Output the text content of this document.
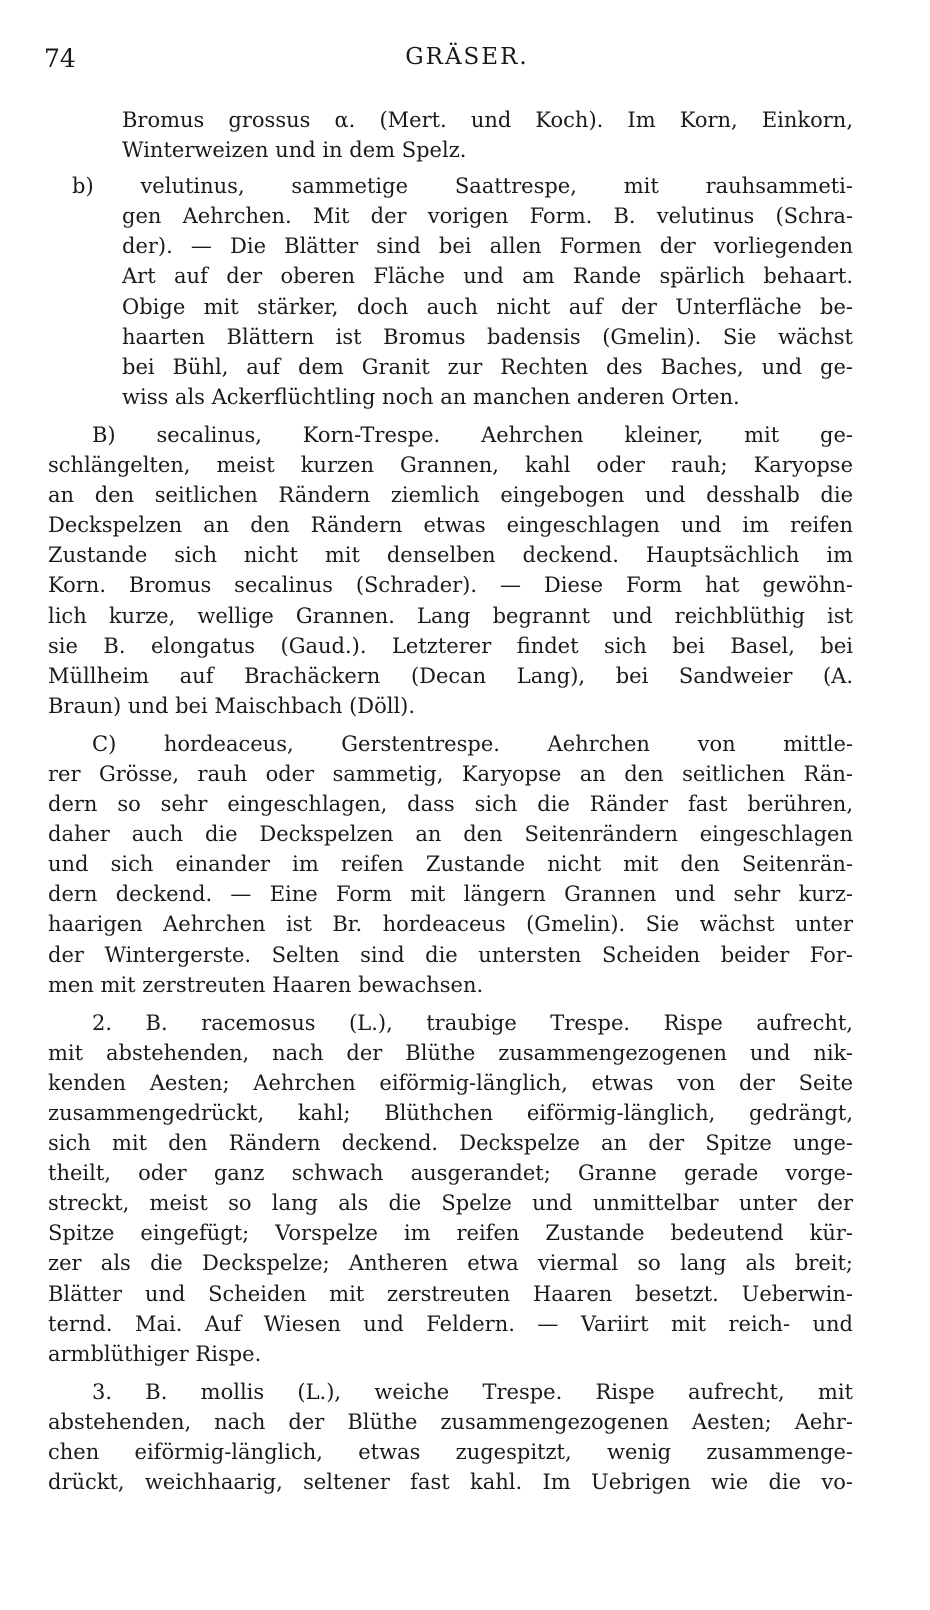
74	GRÄSER.
Bromus grossus α. (Mert. und Koch). Im Korn, Einkorn,
Winterweizen und in dem Spelz.
b) velutinus, sammetige Saattrespe, mit rauhsammeti-
gen Aehrchen. Mit der vorigen Form. B. velutinus (Schra-
der). — Die Blätter sind bei allen Formen der vorliegenden
Art auf der oberen Fläche und am Rande spärlich behaart.
Obige mit stärker, doch auch nicht auf der Unterfläche be-
haarten Blättern ist Bromus badensis (Gmelin). Sie wächst
bei Bühl, auf dem Granit zur Rechten des Baches, und ge-
wiss als Ackerflüchtling noch an manchen anderen Orten.
B) secalinus, Korn-Trespe. Aehrchen kleiner, mit ge-
schlängelten, meist kurzen Grannen, kahl oder rauh; Karyopse
an den seitlichen Rändern ziemlich eingebogen und desshalb die
Deckspelzen an den Rändern etwas eingeschlagen und im reifen
Zustande sich nicht mit denselben deckend. Hauptsächlich im
Korn. Bromus secalinus (Schrader). — Diese Form hat gewöhn-
lich kurze, wellige Grannen. Lang begrannt und reichblüthig ist
sie B. elongatus (Gaud.). Letzterer findet sich bei Basel, bei
Müllheim auf Brachäckern (Decan Lang), bei Sandweier (A.
Braun) und bei Maischbach (Döll).
C) hordeaceus, Gerstentrespe. Aehrchen von mittle-
rer Grösse, rauh oder sammetig, Karyopse an den seitlichen Rän-
dern so sehr eingeschlagen, dass sich die Ränder fast berühren,
daher auch die Deckspelzen an den Seitenrändern eingeschlagen
und sich einander im reifen Zustande nicht mit den Seitenrän-
dern deckend. — Eine Form mit längern Grannen und sehr kurz-
haarigen Aehrchen ist Br. hordeaceus (Gmelin). Sie wächst unter
der Wintergerste. Selten sind die untersten Scheiden beider For-
men mit zerstreuten Haaren bewachsen.
2. B. racemosus (L.), traubige Trespe. Rispe aufrecht,
mit abstehenden, nach der Blüthe zusammengezogenen und nik-
kenden Aesten; Aehrchen eiförmig-länglich, etwas von der Seite
zusammengedrückt, kahl; Blüthchen eiförmig-länglich, gedrängt,
sich mit den Rändern deckend. Deckspelze an der Spitze unge-
theilt, oder ganz schwach ausgerandet; Granne gerade vorge-
streckt, meist so lang als die Spelze und unmittelbar unter der
Spitze eingefügt; Vorspelze im reifen Zustande bedeutend kür-
zer als die Deckspelze; Antheren etwa viermal so lang als breit;
Blätter und Scheiden mit zerstreuten Haaren besetzt. Ueberwin-
ternd. Mai. Auf Wiesen und Feldern. — Variirt mit reich- und
armblüthiger Rispe.
3. B. mollis (L.), weiche Trespe. Rispe aufrecht, mit
abstehenden, nach der Blüthe zusammengezogenen Aesten; Aehr-
chen eiförmig-länglich, etwas zugespitzt, wenig zusammenge-
drückt, weichhaarig, seltener fast kahl. Im Uebrigen wie die vo-
